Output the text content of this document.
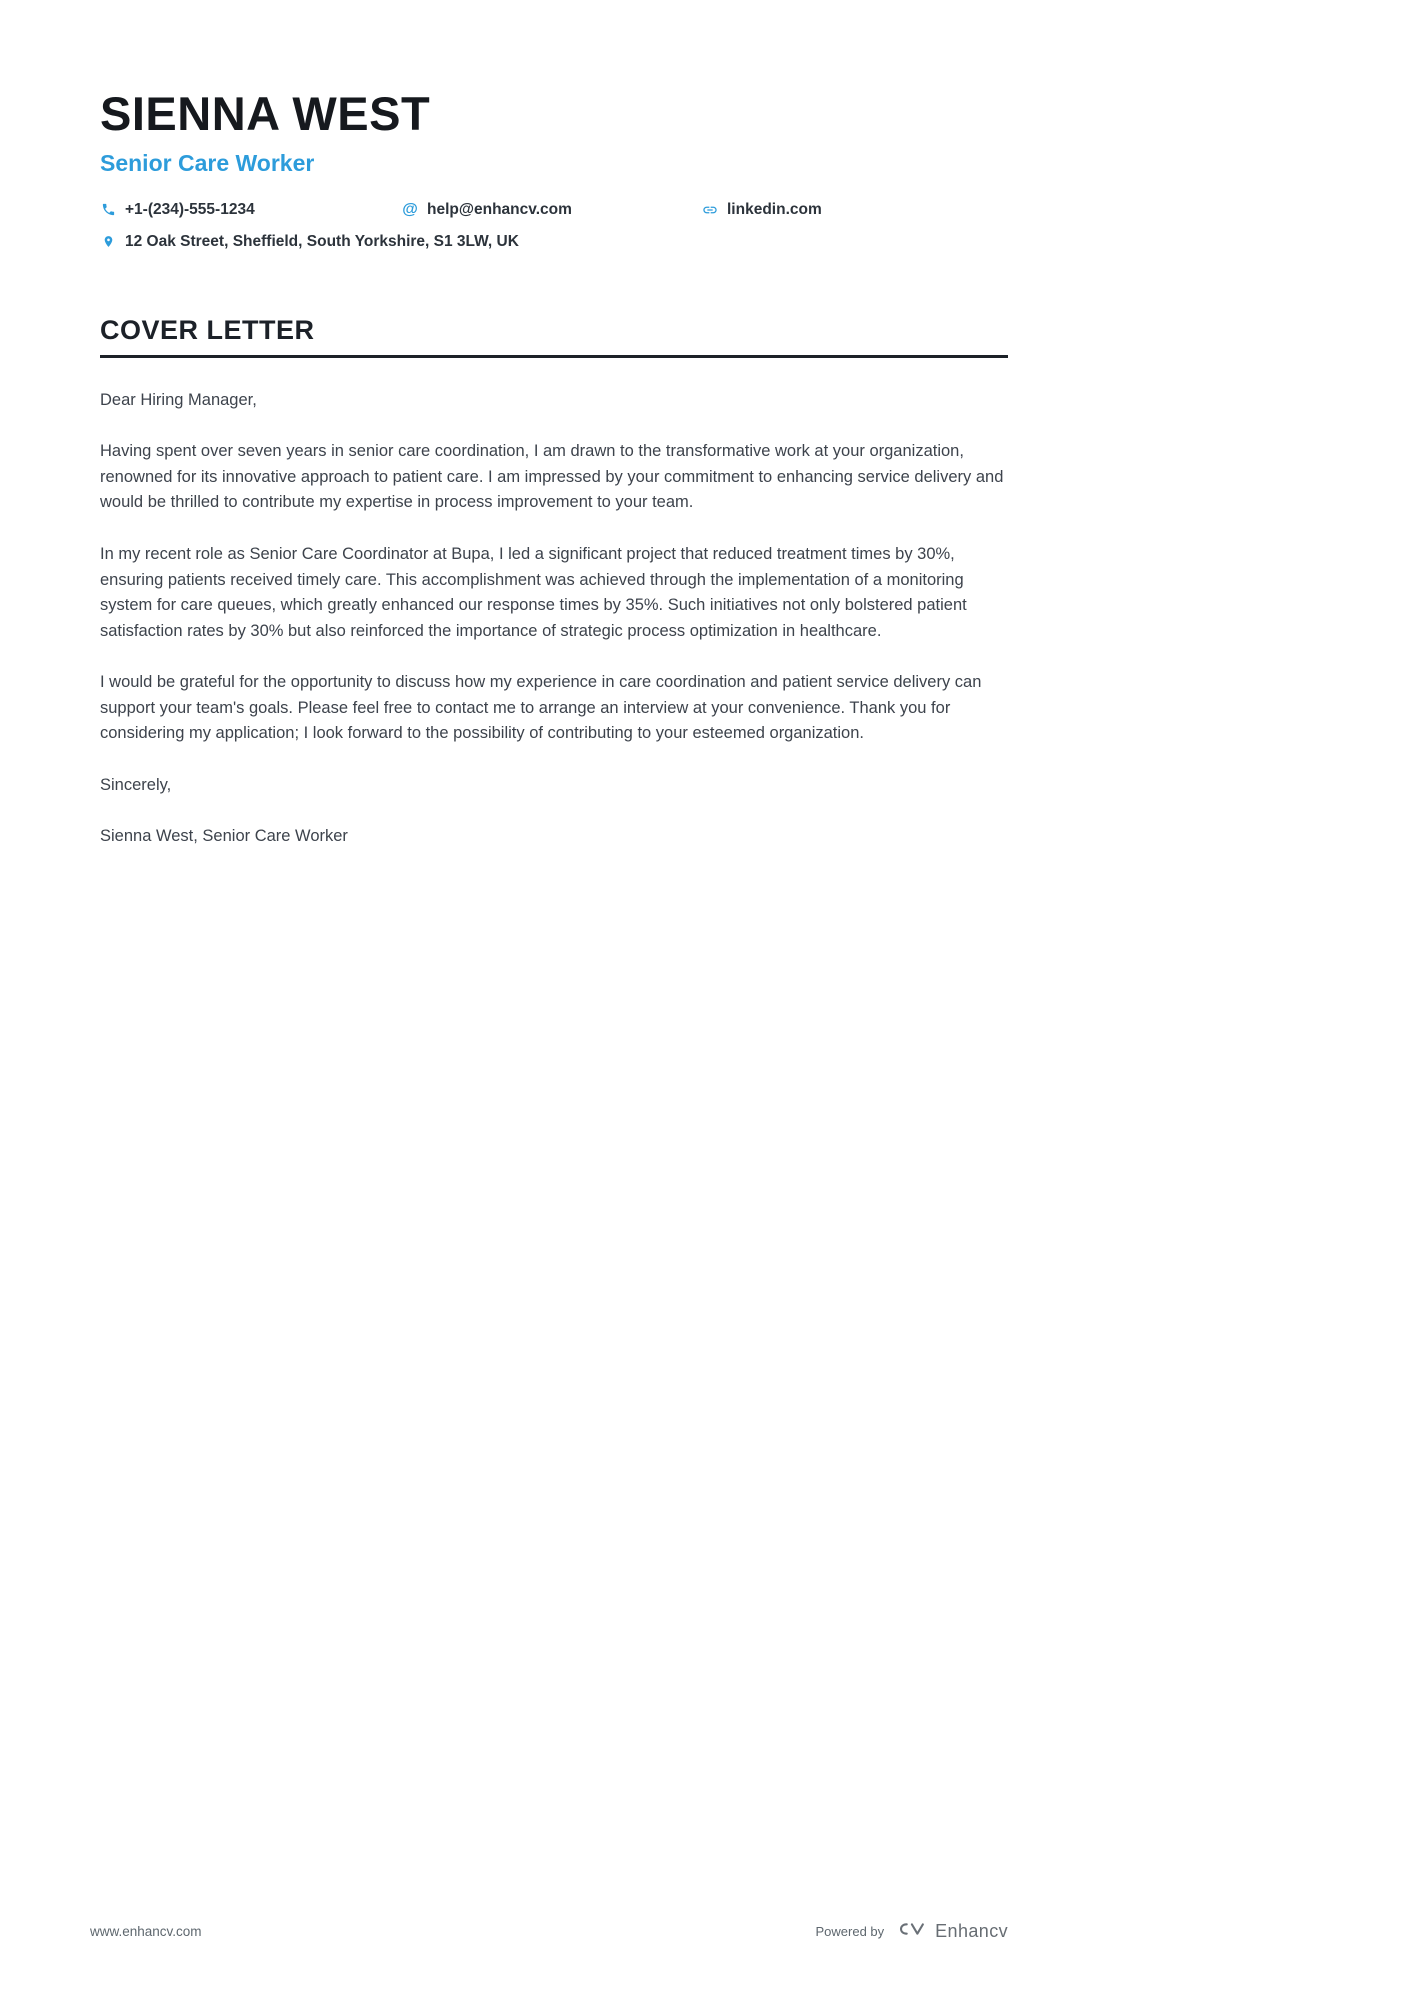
SIENNA WEST
Senior Care Worker
+1-(234)-555-1234	@ help@enhancv.com	linkedin.com
12 Oak Street, Sheffield, South Yorkshire, S1 3LW, UK
COVER LETTER

Dear Hiring Manager,

Having spent over seven years in senior care coordination, I am drawn to the transformative work at your organization, renowned for its innovative approach to patient care. I am impressed by your commitment to enhancing service delivery and would be thrilled to contribute my expertise in process improvement to your team.

In my recent role as Senior Care Coordinator at Bupa, I led a significant project that reduced treatment times by 30%, ensuring patients received timely care. This accomplishment was achieved through the implementation of a monitoring system for care queues, which greatly enhanced our response times by 35%. Such initiatives not only bolstered patient satisfaction rates by 30% but also reinforced the importance of strategic process optimization in healthcare.

I would be grateful for the opportunity to discuss how my experience in care coordination and patient service delivery can support your team's goals. Please feel free to contact me to arrange an interview at your convenience. Thank you for considering my application; I look forward to the possibility of contributing to your esteemed organization.

Sincerely,

Sienna West, Senior Care Worker

www.enhancv.com	Powered by	Enhancv
